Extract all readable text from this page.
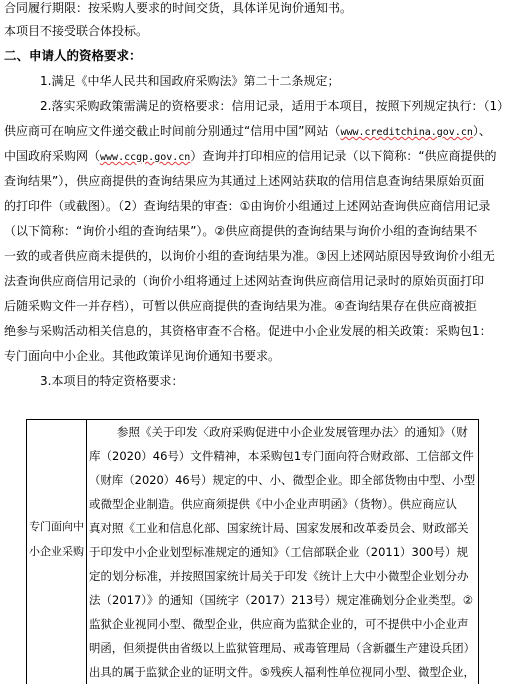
合同履行期限：按采购人要求的时间交货，具体详见询价通知书。
本项目不接受联合体投标。
二、申请人的资格要求：
1.满足《中华人民共和国政府采购法》第二十二条规定；
2.落实采购政策需满足的资格要求：信用记录，适用于本项目，按照下列规定执行：（1）
供应商可在响应文件递交截止时间前分别通过“信用中国”网站（www.creditchina.gov.cn）、
中国政府采购网（www.ccgp.gov.cn）查询并打印相应的信用记录（以下简称：“供应商提供的
查询结果”），供应商提供的查询结果应为其通过上述网站获取的信用信息查询结果原始页面
的打印件（或截图）。（2）查询结果的审查：①由询价小组通过上述网站查询供应商信用记录
（以下简称：“询价小组的查询结果”）。②供应商提供的查询结果与询价小组的查询结果不
一致的或者供应商未提供的，以询价小组的查询结果为准。③因上述网站原因导致询价小组无
法查询供应商信用记录的（询价小组将通过上述网站查询供应商信用记录时的原始页面打印
后随采购文件一并存档），可暂以供应商提供的查询结果为准。④查询结果存在供应商被拒
绝参与采购活动相关信息的，其资格审查不合格。促进中小企业发展的相关政策：采购包1：
专门面向中小企业。其他政策详见询价通知书要求。
3.本项目的特定资格要求：
专门面向中
小企业采购
参照《关于印发〈政府采购促进中小企业发展管理办法〉的通知》（财
库（2020）46号）文件精神，本采购包1专门面向符合财政部、工信部文件
（财库（2020）46号）规定的中、小、微型企业。即全部货物由中型、小型
或微型企业制造。供应商须提供《中小企业声明函》（货物）。供应商应认
真对照《工业和信息化部、国家统计局、国家发展和改革委员会、财政部关
于印发中小企业划型标准规定的通知》（工信部联企业（2011）300号）规
定的划分标准，并按照国家统计局关于印发《统计上大中小微型企业划分办
法（2017）》的通知（国统字（2017）213号）规定准确划分企业类型。②
监狱企业视同小型、微型企业，供应商为监狱企业的，可不提供中小企业声
明函，但须提供由省级以上监狱管理局、戒毒管理局（含新疆生产建设兵团）
出具的属于监狱企业的证明文件。⑤残疾人福利性单位视同小型、微型企业，
